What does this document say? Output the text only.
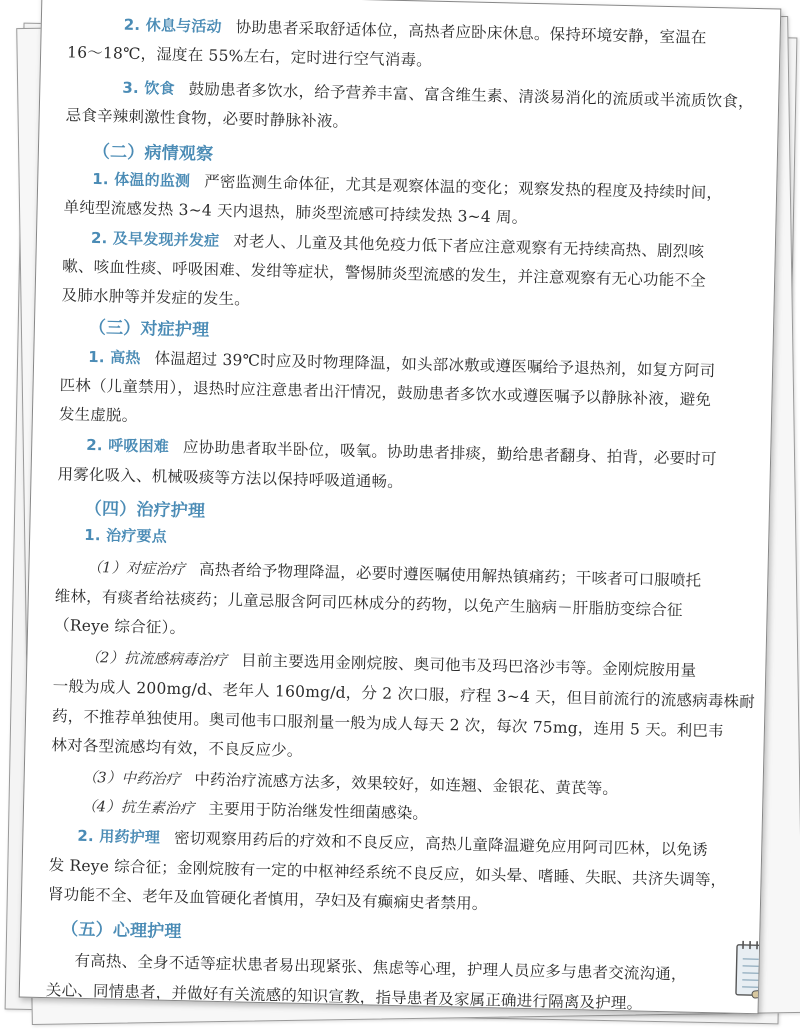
2. 休息与活动 协助患者采取舒适体位，高热者应卧床休息。保持环境安静，室温在
16～18℃，湿度在 55%左右，定时进行空气消毒。
3. 饮食 鼓励患者多饮水，给予营养丰富、富含维生素、清淡易消化的流质或半流质饮食，
忌食辛辣刺激性食物，必要时静脉补液。
（二）病情观察
1. 体温的监测 严密监测生命体征，尤其是观察体温的变化；观察发热的程度及持续时间，
单纯型流感发热 3~4 天内退热，肺炎型流感可持续发热 3~4 周。
2. 及早发现并发症 对老人、儿童及其他免疫力低下者应注意观察有无持续高热、剧烈咳
嗽、咳血性痰、呼吸困难、发绀等症状，警惕肺炎型流感的发生，并注意观察有无心功能不全
及肺水肿等并发症的发生。
（三）对症护理
1. 高热 体温超过 39℃时应及时物理降温，如头部冰敷或遵医嘱给予退热剂，如复方阿司
匹林（儿童禁用），退热时应注意患者出汗情况，鼓励患者多饮水或遵医嘱予以静脉补液，避免
发生虚脱。
2. 呼吸困难 应协助患者取半卧位，吸氧。协助患者排痰，勤给患者翻身、拍背，必要时可
用雾化吸入、机械吸痰等方法以保持呼吸道通畅。
（四）治疗护理
1. 治疗要点
（1）对症治疗 高热者给予物理降温，必要时遵医嘱使用解热镇痛药；干咳者可口服喷托
维林，有痰者给祛痰药；儿童忌服含阿司匹林成分的药物，以免产生脑病－肝脂肪变综合征
（Reye 综合征）。
（2）抗流感病毒治疗 目前主要选用金刚烷胺、奥司他韦及玛巴洛沙韦等。金刚烷胺用量
一般为成人 200mg/d、老年人 160mg/d，分 2 次口服，疗程 3~4 天，但目前流行的流感病毒株耐
药，不推荐单独使用。奥司他韦口服剂量一般为成人每天 2 次，每次 75mg，连用 5 天。利巴韦
林对各型流感均有效，不良反应少。
（3）中药治疗 中药治疗流感方法多，效果较好，如连翘、金银花、黄芪等。
（4）抗生素治疗 主要用于防治继发性细菌感染。
2. 用药护理 密切观察用药后的疗效和不良反应，高热儿童降温避免应用阿司匹林，以免诱
发 Reye 综合征；金刚烷胺有一定的中枢神经系统不良反应，如头晕、嗜睡、失眠、共济失调等，
肾功能不全、老年及血管硬化者慎用，孕妇及有癫痫史者禁用。
（五）心理护理
有高热、全身不适等症状患者易出现紧张、焦虑等心理，护理人员应多与患者交流沟通，
关心、同情患者，并做好有关流感的知识宣教，指导患者及家属正确进行隔离及护理。
